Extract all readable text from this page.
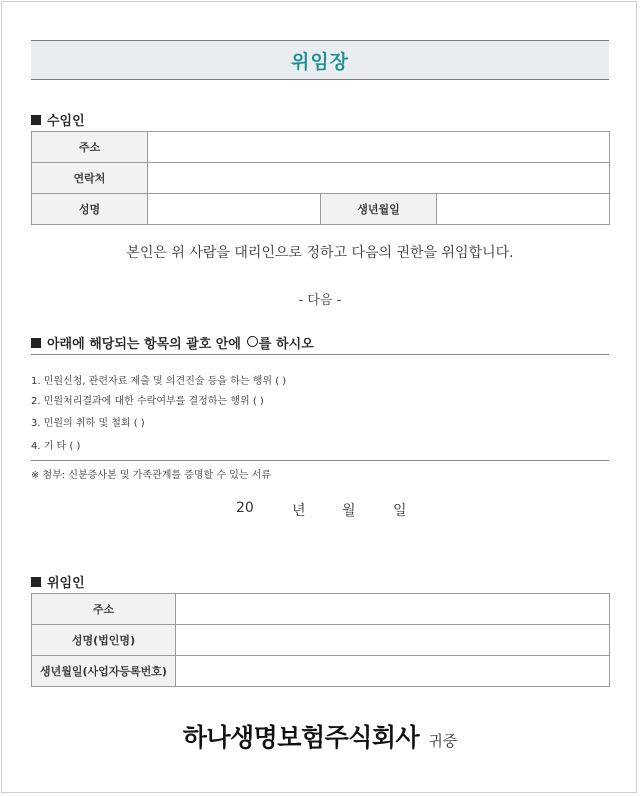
위임장
수임인
주소			
연락처			
성명		생년월일	
본인은 위 사람을 대리인으로 정하고 다음의 권한을 위임합니다.
- 다음 -
아래에 해당되는 항목의 괄호 안에 ○ 를 하시오
1. 민원신청, 관련자료 제출 및 의견진술 등을 하는 행위 ( )
2. 민원처리결과에 대한 수락여부를 결정하는 행위 ( )
3. 민원의 취하 및 철회 ( )
4. 기 타 ( )
※ 첨부: 신분증사본 및 가족관계를 증명할 수 있는 서류
20	년	월	일
위임인
주소	
성명(법인명)	
생년월일(사업자등록번호)	
하나생명보험주식회사 귀중
